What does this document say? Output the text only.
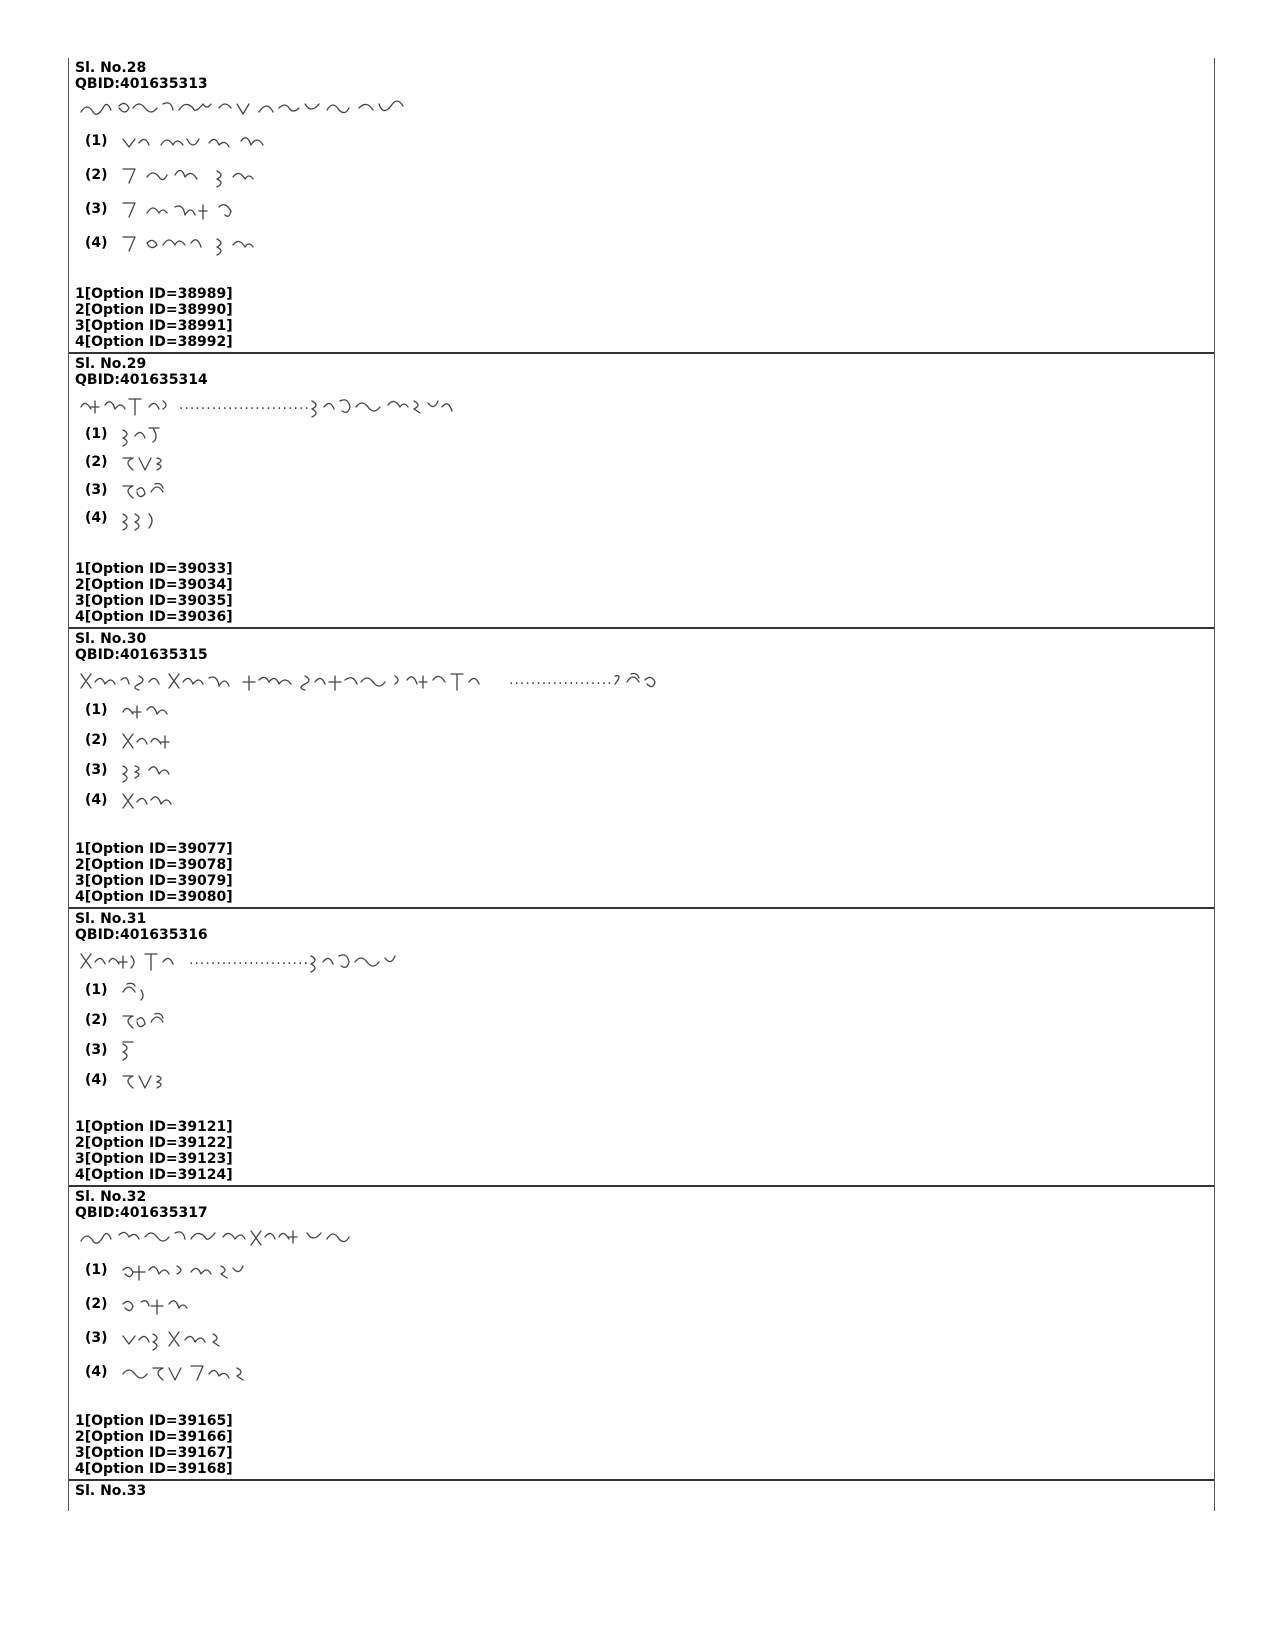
Sl. No.28
QBID:401635313
(1)
(2)
(3)
(4)
1[Option ID=38989]
2[Option ID=38990]
3[Option ID=38991]
4[Option ID=38992]
Sl. No.29
QBID:401635314
........................
(1)
(2)
(3)
(4)
1[Option ID=39033]
2[Option ID=39034]
3[Option ID=39035]
4[Option ID=39036]
Sl. No.30
QBID:401635315
...................
(1)
(2)
(3)
(4)
1[Option ID=39077]
2[Option ID=39078]
3[Option ID=39079]
4[Option ID=39080]
Sl. No.31
QBID:401635316
......................
(1)
(2)
(3)
(4)
1[Option ID=39121]
2[Option ID=39122]
3[Option ID=39123]
4[Option ID=39124]
Sl. No.32
QBID:401635317
(1)
(2)
(3)
(4)
1[Option ID=39165]
2[Option ID=39166]
3[Option ID=39167]
4[Option ID=39168]
Sl. No.33
